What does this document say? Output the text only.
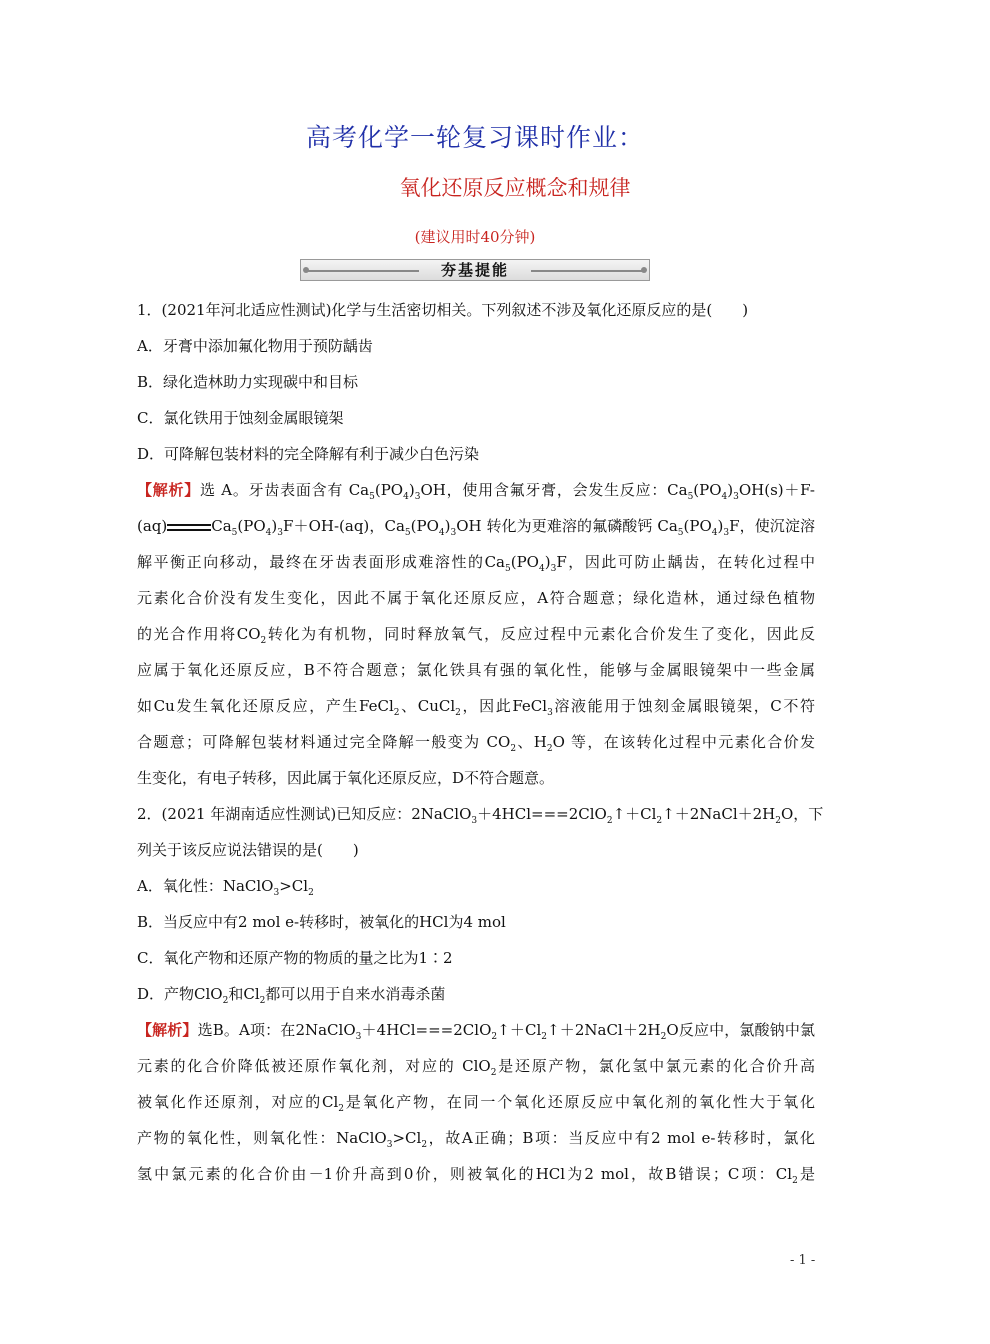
高考化学一轮复习课时作业：
氧化还原反应概念和规律
(建议用时40分钟)
夯基提能
1．(2021年河北适应性测试)化学与生活密切相关。下列叙述不涉及氧化还原反应的是(　　)
A．牙膏中添加氟化物用于预防龋齿
B．绿化造林助力实现碳中和目标
C．氯化铁用于蚀刻金属眼镜架
D．可降解包装材料的完全降解有利于减少白色污染
【解析】选 A。牙齿表面含有 $Ca_5(PO_4)_3OH$，使用含氟牙膏，会发生反应：$Ca_5(PO_4)_3OH(s)+F-$
(aq)	$Ca_5(PO_4)_3F+OH-(aq)$，$Ca_5(PO_4)_3OH$ 转化为更难溶的氟磷酸钙 $Ca_5(PO_4)_3F$，使沉淀溶
解平衡正向移动，最终在牙齿表面形成难溶性的$Ca_5(PO_4)_3F$，因此可防止龋齿，在转化过程中
元素化合价没有发生变化，因此不属于氧化还原反应，A符合题意；绿化造林，通过绿色植物
的光合作用将$CO_2$转化为有机物，同时释放氧气，反应过程中元素化合价发生了变化，因此反
应属于氧化还原反应，B不符合题意；氯化铁具有强的氧化性，能够与金属眼镜架中一些金属
如Cu发生氧化还原反应，产生FeCl$_2$、CuCl$_2$，因此FeCl$_3$溶液能用于蚀刻金属眼镜架，C不符
合题意；可降解包装材料通过完全降解一般变为 $CO_2$、$H_2O$ 等，在该转化过程中元素化合价发
生变化，有电子转移，因此属于氧化还原反应，D不符合题意。
2．(2021 年湖南适应性测试)已知反应：$2NaClO_3+4HCl===2ClO_2↑+Cl_2↑+2NaCl+2H_2O$，下
列关于该反应说法错误的是(　　)
A．氧化性：$NaClO_3>Cl_2$
B．当反应中有2 mol e-转移时，被氧化的HCl为4 mol
C．氧化产物和还原产物的物质的量之比为1∶2
D．产物ClO$_2$和$Cl_2$都可以用于自来水消毒杀菌
【解析】选B。A项：在$2NaClO_3+4HCl===2ClO_2↑+Cl_2↑+2NaCl+2H_2O$反应中，氯酸钠中氯
元素的化合价降低被还原作氧化剂，对应的 ClO$_2$是还原产物，氯化氢中氯元素的化合价升高
被氧化作还原剂，对应的$Cl_2$是氧化产物，在同一个氧化还原反应中氧化剂的氧化性大于氧化
产物的氧化性，则氧化性：$NaClO_3>Cl_2$，故A正确；B项：当反应中有2 mol e-转移时，氯化
氢中氯元素的化合价由－1价升高到0价，则被氧化的HCl为2 mol，故B错误；C项：$Cl_2$是
- 1 -
